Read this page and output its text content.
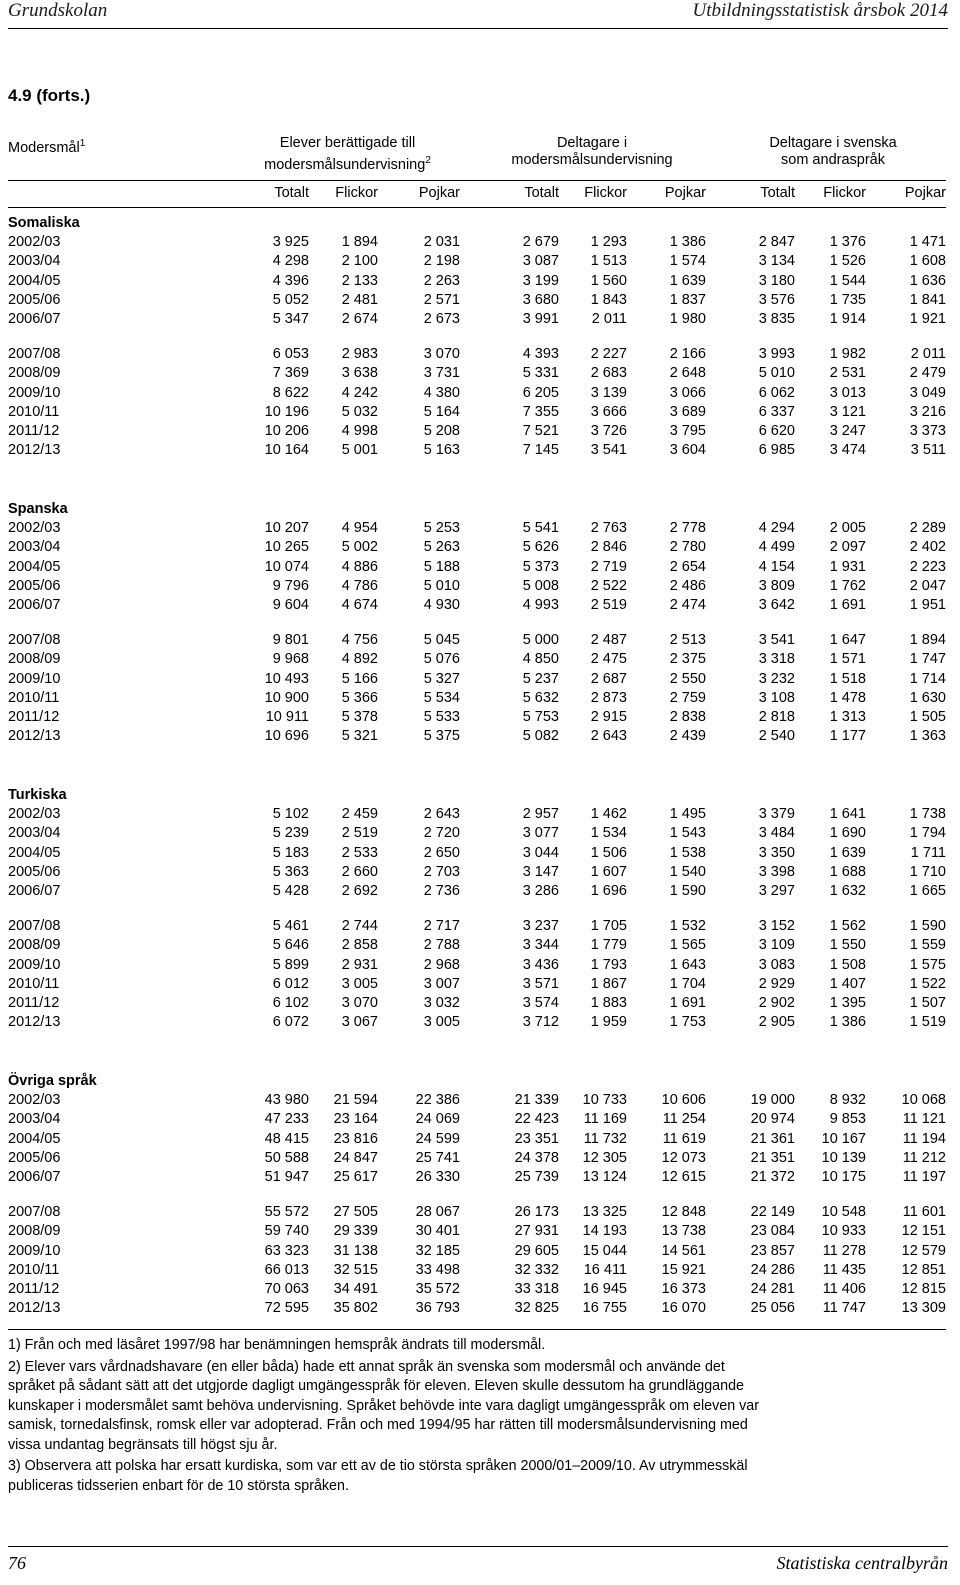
Grundskolan	Utbildningsstatistisk årsbok 2014
4.9 (forts.)
Modersmål$^1$	Elever berättigade till
modersmålsundervisning$^2$
Deltagare i
modersmålsundervisning
Deltagare i svenska
som andraspråk
Totalt	Flickor	Pojkar	Totalt	Flickor	Pojkar	Totalt	Flickor	Pojkar
Somaliska
2002/03	3 925	1 894	2 031	2 679	1 293	1 386	2 847	1 376	1 471
2003/04	4 298	2 100	2 198	3 087	1 513	1 574	3 134	1 526	1 608
2004/05	4 396	2 133	2 263	3 199	1 560	1 639	3 180	1 544	1 636
2005/06	5 052	2 481	2 571	3 680	1 843	1 837	3 576	1 735	1 841
2006/07	5 347	2 674	2 673	3 991	2 011	1 980	3 835	1 914	1 921
2007/08	6 053	2 983	3 070	4 393	2 227	2 166	3 993	1 982	2 011
2008/09	7 369	3 638	3 731	5 331	2 683	2 648	5 010	2 531	2 479
2009/10	8 622	4 242	4 380	6 205	3 139	3 066	6 062	3 013	3 049
2010/11	10 196	5 032	5 164	7 355	3 666	3 689	6 337	3 121	3 216
2011/12	10 206	4 998	5 208	7 521	3 726	3 795	6 620	3 247	3 373
2012/13	10 164	5 001	5 163	7 145	3 541	3 604	6 985	3 474	3 511
Spanska
2002/03	10 207	4 954	5 253	5 541	2 763	2 778	4 294	2 005	2 289
2003/04	10 265	5 002	5 263	5 626	2 846	2 780	4 499	2 097	2 402
2004/05	10 074	4 886	5 188	5 373	2 719	2 654	4 154	1 931	2 223
2005/06	9 796	4 786	5 010	5 008	2 522	2 486	3 809	1 762	2 047
2006/07	9 604	4 674	4 930	4 993	2 519	2 474	3 642	1 691	1 951
2007/08	9 801	4 756	5 045	5 000	2 487	2 513	3 541	1 647	1 894
2008/09	9 968	4 892	5 076	4 850	2 475	2 375	3 318	1 571	1 747
2009/10	10 493	5 166	5 327	5 237	2 687	2 550	3 232	1 518	1 714
2010/11	10 900	5 366	5 534	5 632	2 873	2 759	3 108	1 478	1 630
2011/12	10 911	5 378	5 533	5 753	2 915	2 838	2 818	1 313	1 505
2012/13	10 696	5 321	5 375	5 082	2 643	2 439	2 540	1 177	1 363
Turkiska
2002/03	5 102	2 459	2 643	2 957	1 462	1 495	3 379	1 641	1 738
2003/04	5 239	2 519	2 720	3 077	1 534	1 543	3 484	1 690	1 794
2004/05	5 183	2 533	2 650	3 044	1 506	1 538	3 350	1 639	1 711
2005/06	5 363	2 660	2 703	3 147	1 607	1 540	3 398	1 688	1 710
2006/07	5 428	2 692	2 736	3 286	1 696	1 590	3 297	1 632	1 665
2007/08	5 461	2 744	2 717	3 237	1 705	1 532	3 152	1 562	1 590
2008/09	5 646	2 858	2 788	3 344	1 779	1 565	3 109	1 550	1 559
2009/10	5 899	2 931	2 968	3 436	1 793	1 643	3 083	1 508	1 575
2010/11	6 012	3 005	3 007	3 571	1 867	1 704	2 929	1 407	1 522
2011/12	6 102	3 070	3 032	3 574	1 883	1 691	2 902	1 395	1 507
2012/13	6 072	3 067	3 005	3 712	1 959	1 753	2 905	1 386	1 519
Övriga språk
2002/03	43 980	21 594	22 386	21 339	10 733	10 606	19 000	8 932	10 068
2003/04	47 233	23 164	24 069	22 423	11 169	11 254	20 974	9 853	11 121
2004/05	48 415	23 816	24 599	23 351	11 732	11 619	21 361	10 167	11 194
2005/06	50 588	24 847	25 741	24 378	12 305	12 073	21 351	10 139	11 212
2006/07	51 947	25 617	26 330	25 739	13 124	12 615	21 372	10 175	11 197
2007/08	55 572	27 505	28 067	26 173	13 325	12 848	22 149	10 548	11 601
2008/09	59 740	29 339	30 401	27 931	14 193	13 738	23 084	10 933	12 151
2009/10	63 323	31 138	32 185	29 605	15 044	14 561	23 857	11 278	12 579
2010/11	66 013	32 515	33 498	32 332	16 411	15 921	24 286	11 435	12 851
2011/12	70 063	34 491	35 572	33 318	16 945	16 373	24 281	11 406	12 815
2012/13	72 595	35 802	36 793	32 825	16 755	16 070	25 056	11 747	13 309

1) Från och med läsåret 1997/98 har benämningen hemspråk ändrats till modersmål.

2) Elever vars vårdnadshavare (en eller båda) hade ett annat språk än svenska som modersmål och använde det språket på sådant sätt att det utgjorde dagligt umgängesspråk för eleven. Eleven skulle dessutom ha grundläggande kunskaper i modersmålet samt behöva undervisning. Språket behövde inte vara dagligt umgängesspråk om eleven var samisk, tornedalsfinsk, romsk eller var adopterad. Från och med 1994/95 har rätten till modersmålsundervisning med vissa undantag begränsats till högst sju år.

3) Observera att polska har ersatt kurdiska, som var ett av de tio största språken 2000/01–2009/10. Av utrymmesskäl publiceras tidsserien enbart för de 10 största språken.

76	Statistiska centralbyrån
